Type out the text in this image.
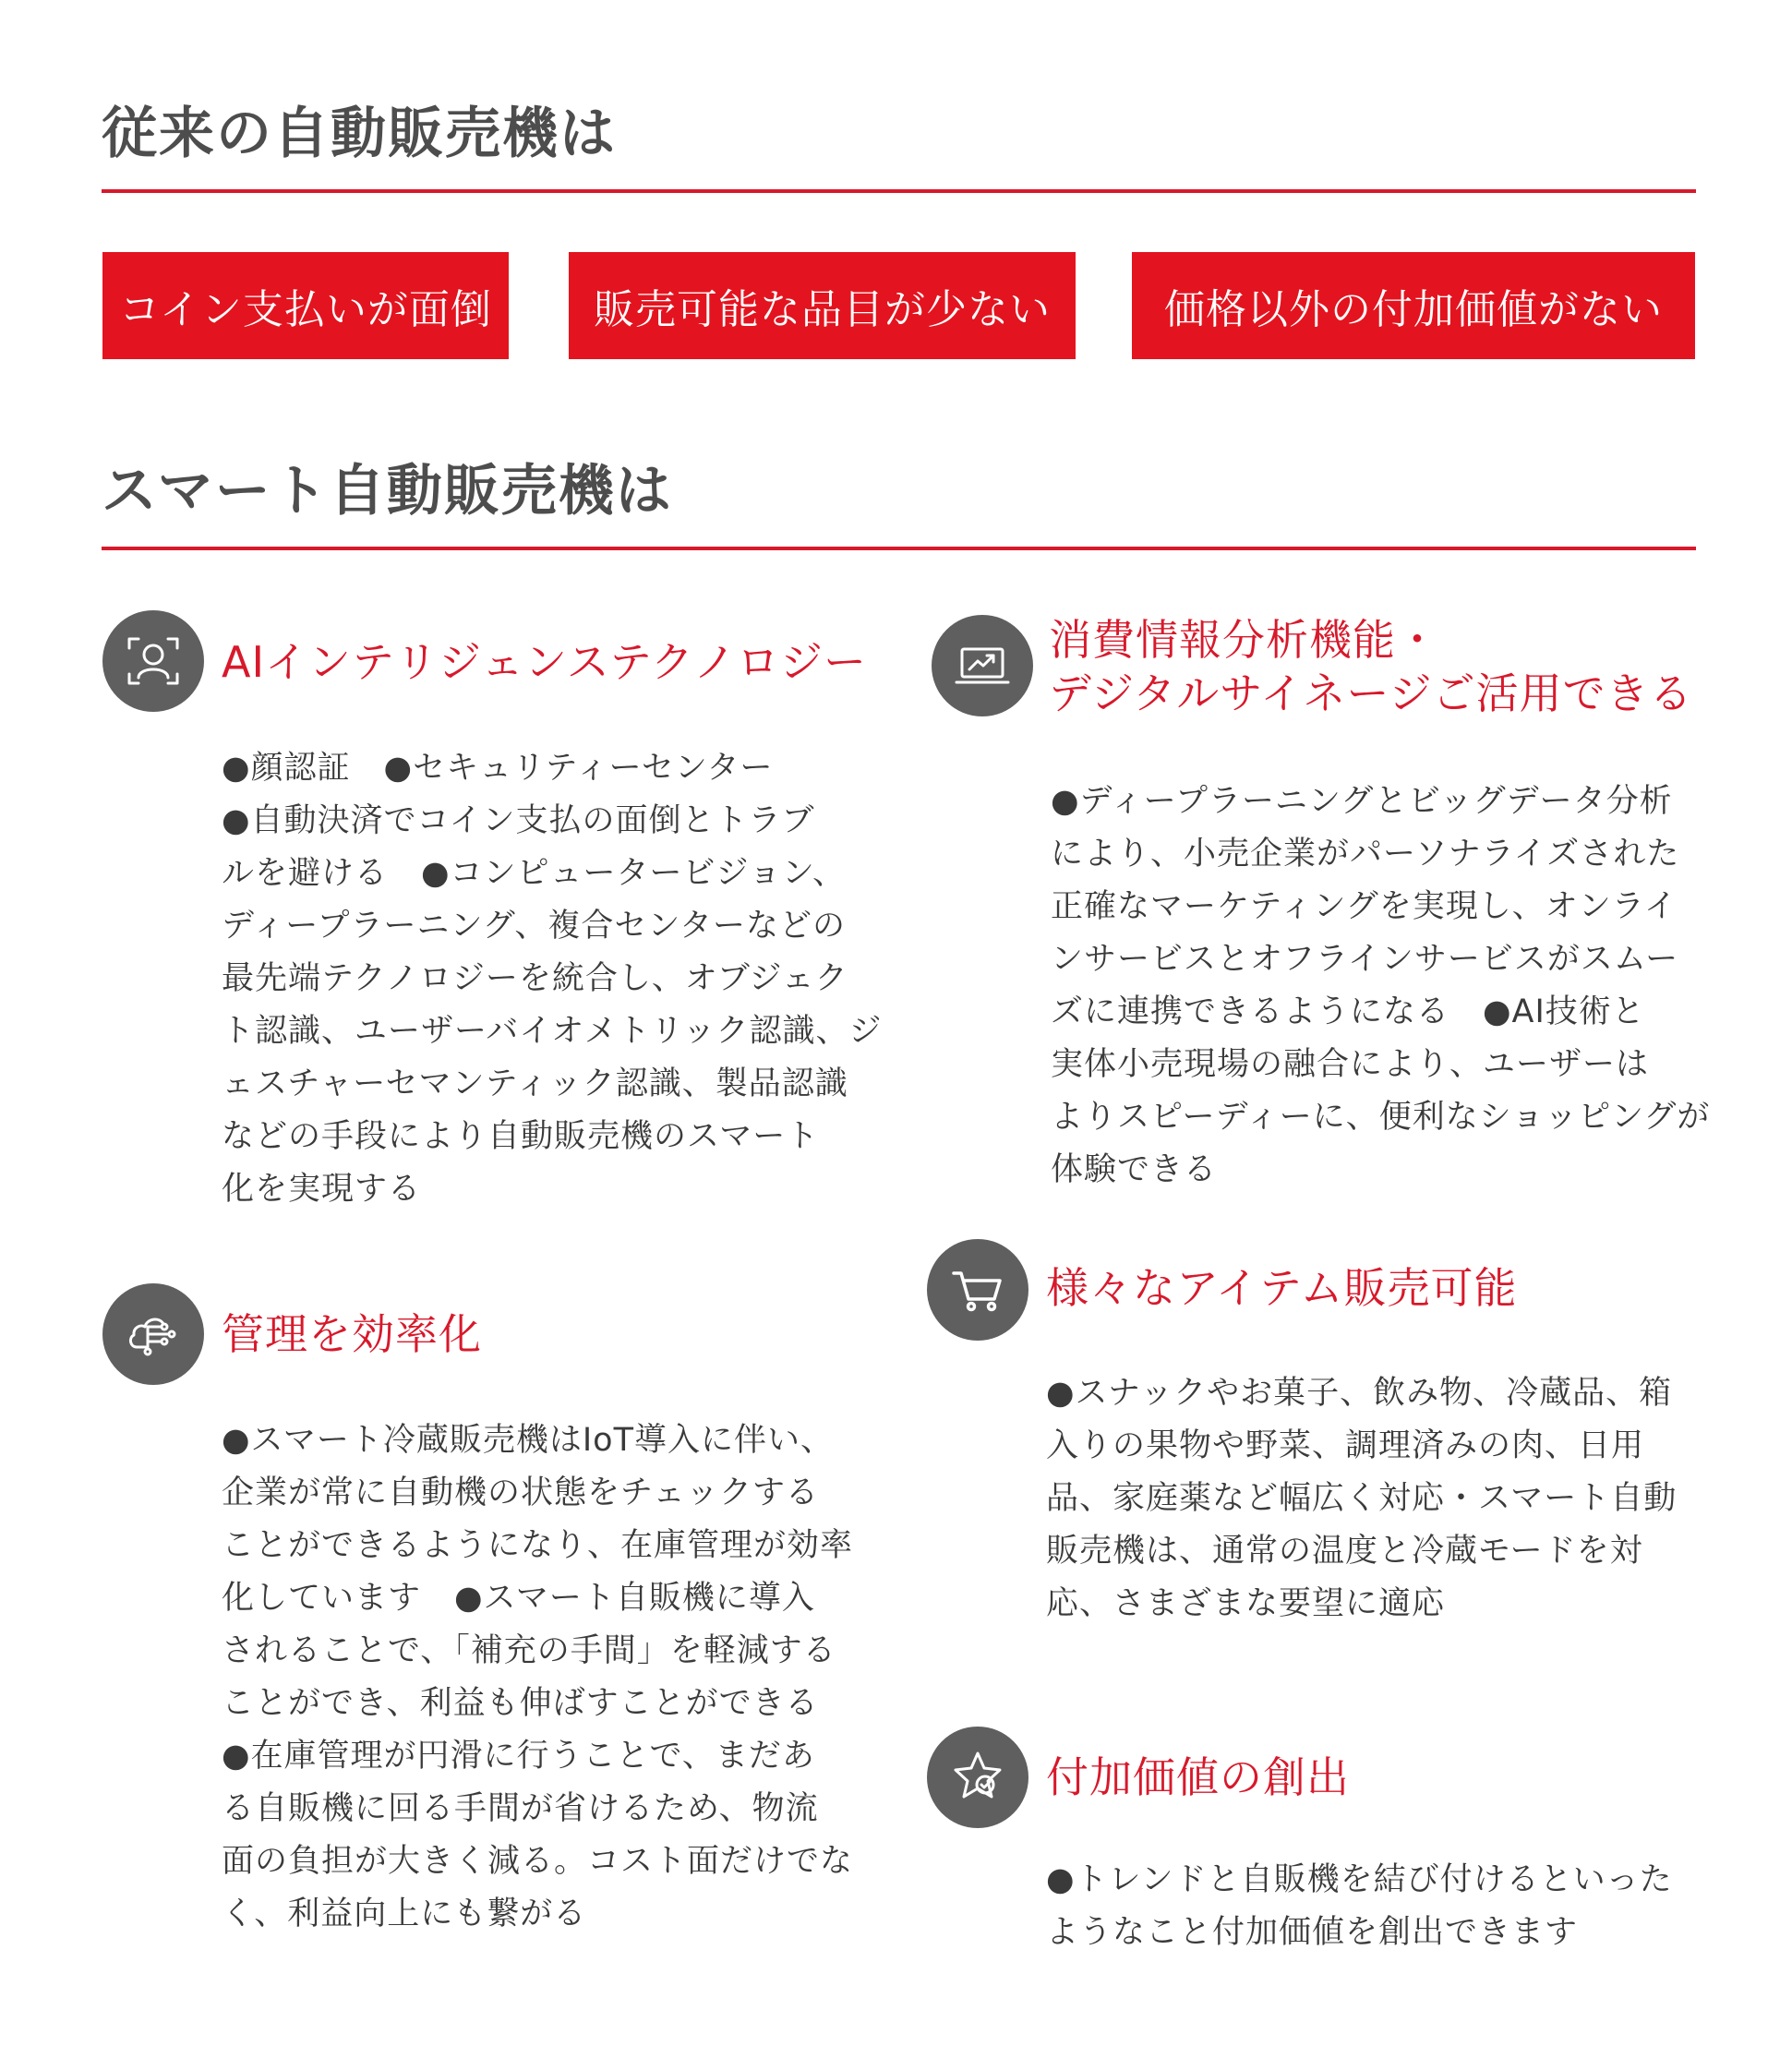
従来の自動販売機は
コイン支払いが面倒	販売可能な品目が少ない	価格以外の付加価値がない
スマート自動販売機は
AIインテリジェンステクノロジー
●顔認証　●セキュリティーセンター
●自動決済でコイン支払の面倒とトラブ
ルを避ける　●コンピュータービジョン、
ディープラーニング、複合センターなどの
最先端テクノロジーを統合し、オブジェク
ト認識、ユーザーバイオメトリック認識、ジ
ェスチャーセマンティック認識、製品認識
などの手段により自動販売機のスマート
化を実現する
管理を効率化
●スマート冷蔵販売機はIoT導入に伴い、
企業が常に自動機の状態をチェックする
ことができるようになり、在庫管理が効率
化しています　●スマート自販機に導入
されることで、「補充の手間」を軽減する
ことができ、利益も伸ばすことができる
●在庫管理が円滑に行うことで、まだあ
る自販機に回る手間が省けるため、物流
面の負担が大きく減る。コスト面だけでな
く、利益向上にも繋がる
消費情報分析機能・
デジタルサイネージご活用できる
●ディープラーニングとビッグデータ分析
により、小売企業がパーソナライズされた
正確なマーケティングを実現し、オンライ
ンサービスとオフラインサービスがスムー
ズに連携できるようになる　●AI技術と
実体小売現場の融合により、ユーザーは
よりスピーディーに、便利なショッピングが
体験できる
様々なアイテム販売可能
●スナックやお菓子、飲み物、冷蔵品、箱
入りの果物や野菜、調理済みの肉、日用
品、家庭薬など幅広く対応・スマート自動
販売機は、通常の温度と冷蔵モードを対
応、さまざまな要望に適応
付加価値の創出
●トレンドと自販機を結び付けるといった
ようなこと付加価値を創出できます
